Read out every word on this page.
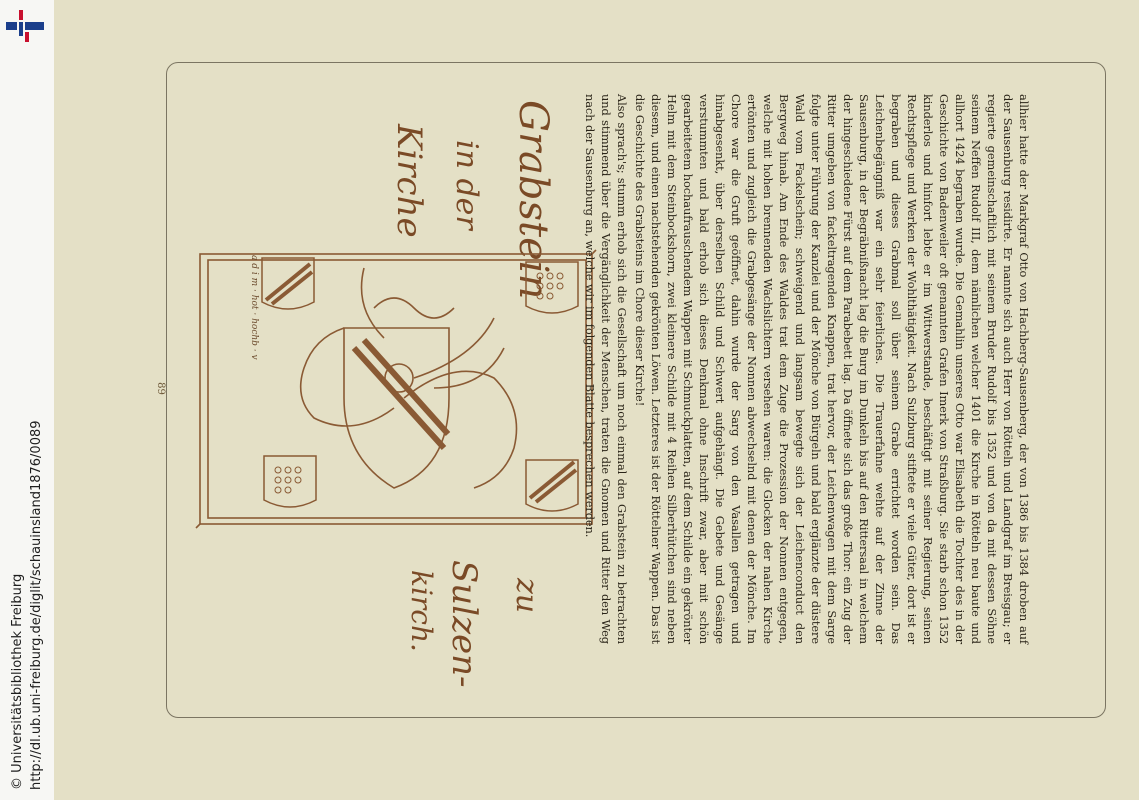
http://dl.ub.uni-freiburg.de/diglit/schauinsland1876/0089
© Universitätsbibliothek Freiburg
89
Grabstein
in der
Kirche
zu
Sulzen-
kirch.
a d i m · hot · hochb · v	allhier hatte der Markgraf Otto von Hachberg-Sausenberg, der von 1386 bis 1384 droben auf der Sausenburg residirte. Er nannte sich auch Herr von Rötteln und Landgraf im Breisgau; er regierte gemeinschaftlich mit seinem Bruder Rudolf bis 1352 und von da mit dessen Söhne seinem Neffen Rudolf III, dem nämlichen welcher 1401 die Kirche in Rötteln neu baute und allhort 1424 begraben wurde. Die Gemahlin unseres Otto war Elisabeth die Tochter des in der Geschichte von Badenweiler oft genannten Grafen Imerk von Straßburg. Sie starb schon 1352 kinderlos und hinfort lebte er im Wittwerstande, beschäftigt mit seiner Regierung, seinen Rechtspflege und Werken der Wohlthätigkeit. Nach Sulzburg stiftete er viele Güter, dort ist er begraben und dieses Grabmal soll über seinem Grabe errichtet worden sein. Das Leichenbegängniß war ein sehr feierliches. Die Trauerfahne wehte auf der Zinne der Sausenburg, in der Begräbnißnacht lag die Burg im Dunkeln bis auf den Rittersaal in welchem der hingeschiedene Fürst auf dem Parabebett lag. Da öffnete sich das große Thor: ein Zug der Ritter umgeben von fackeltragenden Knappen, trat hervor, der Leichenwagen mit dem Sarge folgte unter Führung der Kanzlei und der Mönche von Bürgeln und bald erglänzte der düstere Wald vom Fackelschein; schweigend und langsam bewegte sich der Leichenconduct den Bergweg hinab. Am Ende des Waldes trat dem Zuge die Prozession der Nonnen entgegen, welche mit hohen brennenden Wachslichtern versehen waren: die Glocken der nahen Kirche ertönten und zugleich die Grabgesänge der Nonnen abwechselnd mit denen der Mönche. Im Chore war die Gruft geöffnet, dahin wurde der Sarg von den Vasallen getragen und hinabgesenkt, über derselben Schild und Schwert aufgehängt. Die Gebete und Gesänge verstummten und bald erhob sich dieses Denkmal ohne Inschrift zwar, aber mit schön gearbeitetem hochaufrauschendem Wappen mit Schmuckplatten, auf dem Schilde ein gekrönter Helm mit dem Steinbockshorn, zwei kleinere Schilde mit 4 Reihen Silberhütchen sind neben diesem, und einen nachstehenden gekrönten Löwen. Letzteres ist der Röttelner Wappen. Das ist die Geschichte des Grabsteins im Chore dieser Kirche!

Also sprach's; stumm erhob sich die Gesellschaft um noch einmal den Grabstein zu betrachten und stimmend über die Vergänglichkeit der Menschen, traten die Gnomen und Ritter den Weg nach der Sausenburg an, welche wir im folgenden Blatte besprechen werden.
